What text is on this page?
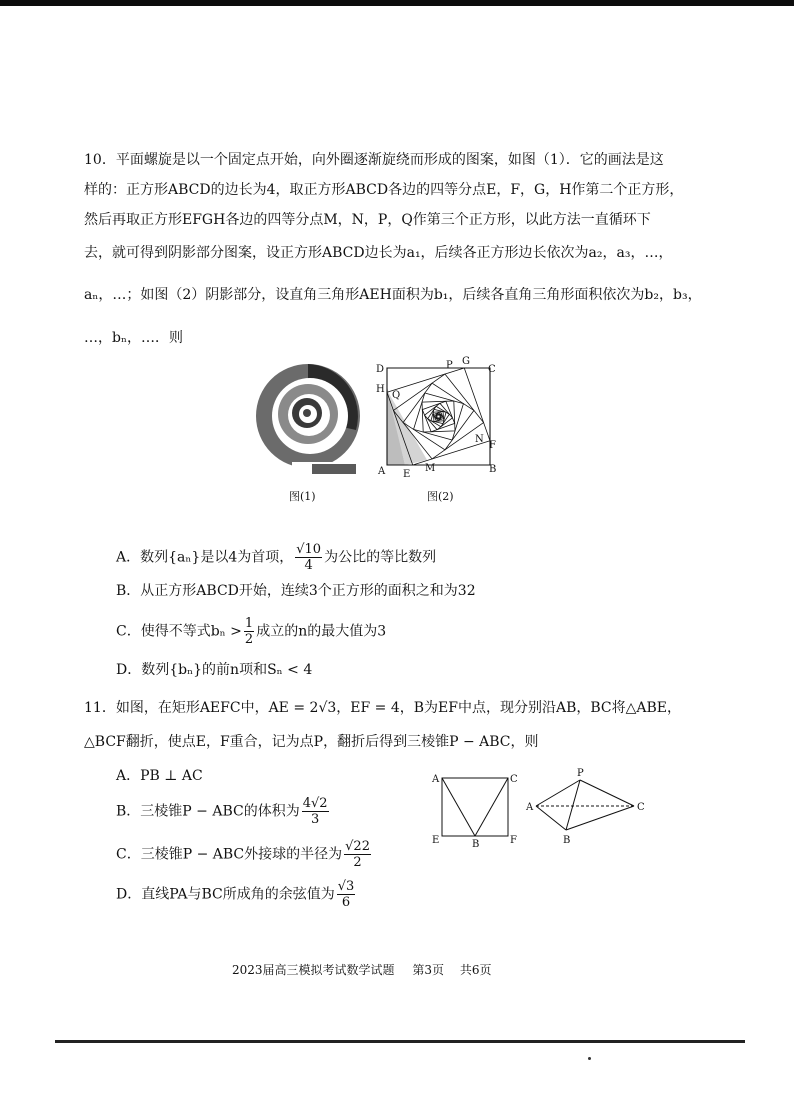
10．平面螺旋是以一个固定点开始，向外圈逐渐旋绕而形成的图案，如图（1）．它的画法是这
样的：正方形ABCD的边长为4，取正方形ABCD各边的四等分点E，F，G，H作第二个正方形，
然后再取正方形EFGH各边的四等分点M，N，P，Q作第三个正方形，以此方法一直循环下
去，就可得到阴影部分图案，设正方形ABCD边长为a₁，后续各正方形边长依次为a₂，a₃，…，
aₙ，…；如图（2）阴影部分，设直角三角形AEH面积为b₁，后续各直角三角形面积依次为b₂，b₃，
…，bₙ，…．则
图(1)
D	P G
C
H
Q
N
F
A E
M	B
图(2)
A．数列{aₙ}是以4为首项， $\frac{√10}{4}$ 为公比的等比数列
B．从正方形ABCD开始，连续3个正方形的面积之和为32
C．使得不等式$b_n > \frac{1}{2}$ 成立的n的最大值为3
D．数列{bₙ}的前n项和Sₙ < 4
11．如图，在矩形AEFC中，AE = 2√3，EF = 4，B为EF中点，现分别沿AB，BC将△ABE，
△BCF翻折，使点E，F重合，记为点P，翻折后得到三棱锥P − ABC，则
A．PB ⊥ AC
B．三棱锥P − ABC的体积为 $\frac{4√2}{3}$
C．三棱锥P − ABC外接球的半径为 $\frac{√22}{2}$
D．直线PA与BC所成角的余弦值为 $\frac{√3}{6}$
A	C
E	B	F
P
A	C
B
2023届高三模拟考试数学试题 第3页 共6页
